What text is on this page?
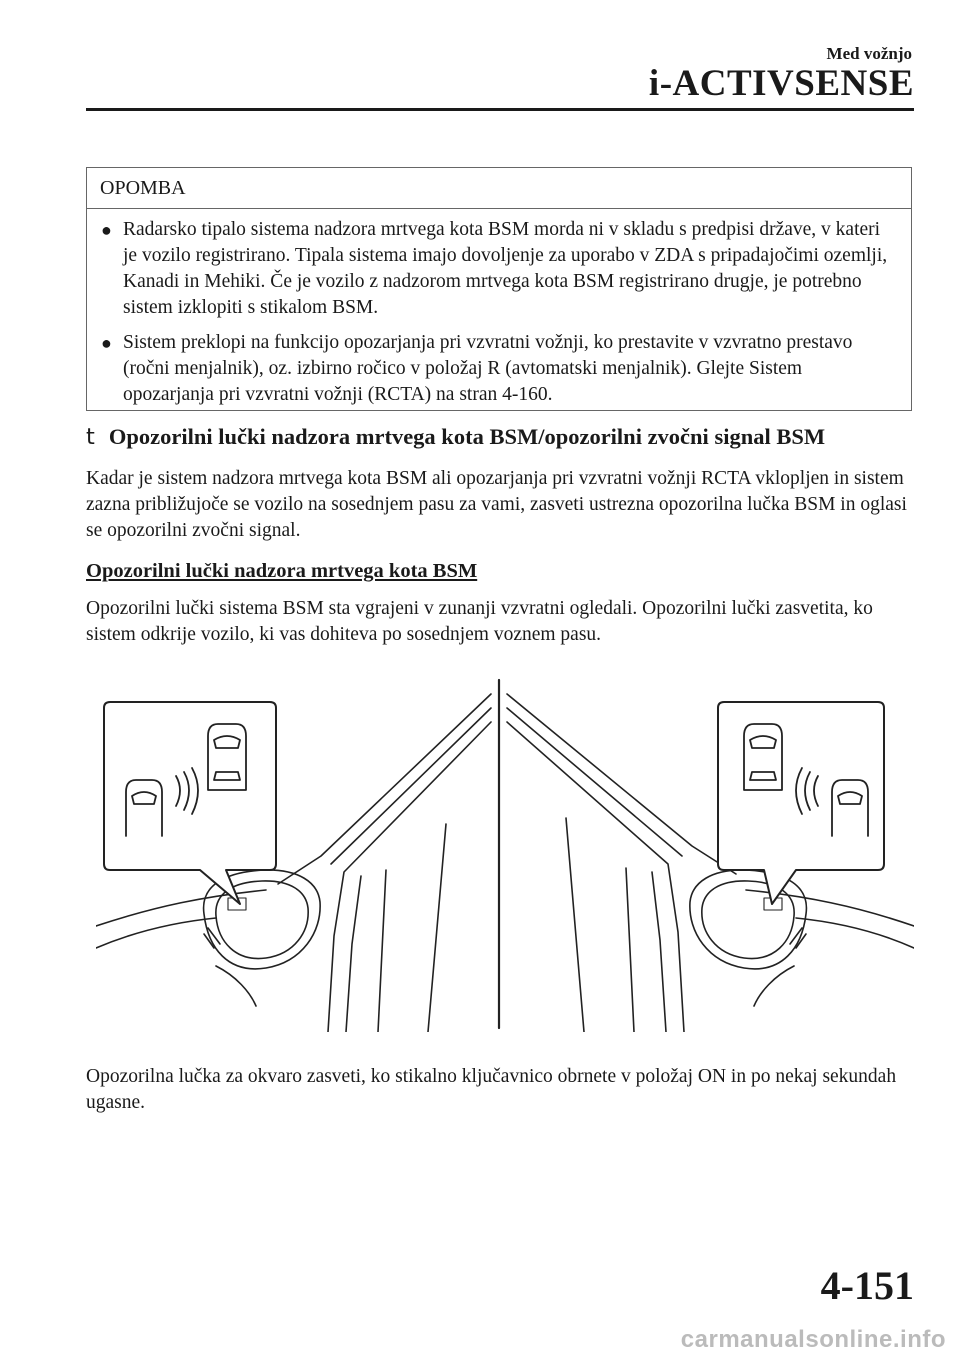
Med vožnjo
i-ACTIVSENSE
OPOMBA
● Radarsko tipalo sistema nadzora mrtvega kota BSM morda ni v skladu s predpisi države, v kateri je vozilo registrirano. Tipala sistema imajo dovoljenje za uporabo v ZDA s pripadajočimi ozemlji, Kanadi in Mehiki. Če je vozilo z nadzorom mrtvega kota BSM registrirano drugje, je potrebno sistem izklopiti s stikalom BSM.
● Sistem preklopi na funkcijo opozarjanja pri vzvratni vožnji, ko prestavite v vzvratno prestavo (ročni menjalnik), oz. izbirno ročico v položaj R (avtomatski menjalnik). Glejte Sistem opozarjanja pri vzvratni vožnji (RCTA) na stran 4-160.
t Opozorilni lučki nadzora mrtvega kota BSM/opozorilni zvočni signal BSM

Kadar je sistem nadzora mrtvega kota BSM ali opozarjanja pri vzvratni vožnji RCTA vklopljen in sistem zazna približujoče se vozilo na sosednjem pasu za vami, zasveti ustrezna opozorilna lučka BSM in oglasi se opozorilni zvočni signal.

Opozorilni lučki nadzora mrtvega kota BSM

Opozorilni lučki sistema BSM sta vgrajeni v zunanji vzvratni ogledali. Opozorilni lučki zasvetita, ko sistem odkrije vozilo, ki vas dohiteva po sosednjem voznem pasu.

Opozorilna lučka za okvaro zasveti, ko stikalno ključavnico obrnete v položaj ON in po nekaj sekundah ugasne.

4-151
carmanualsonline.info
